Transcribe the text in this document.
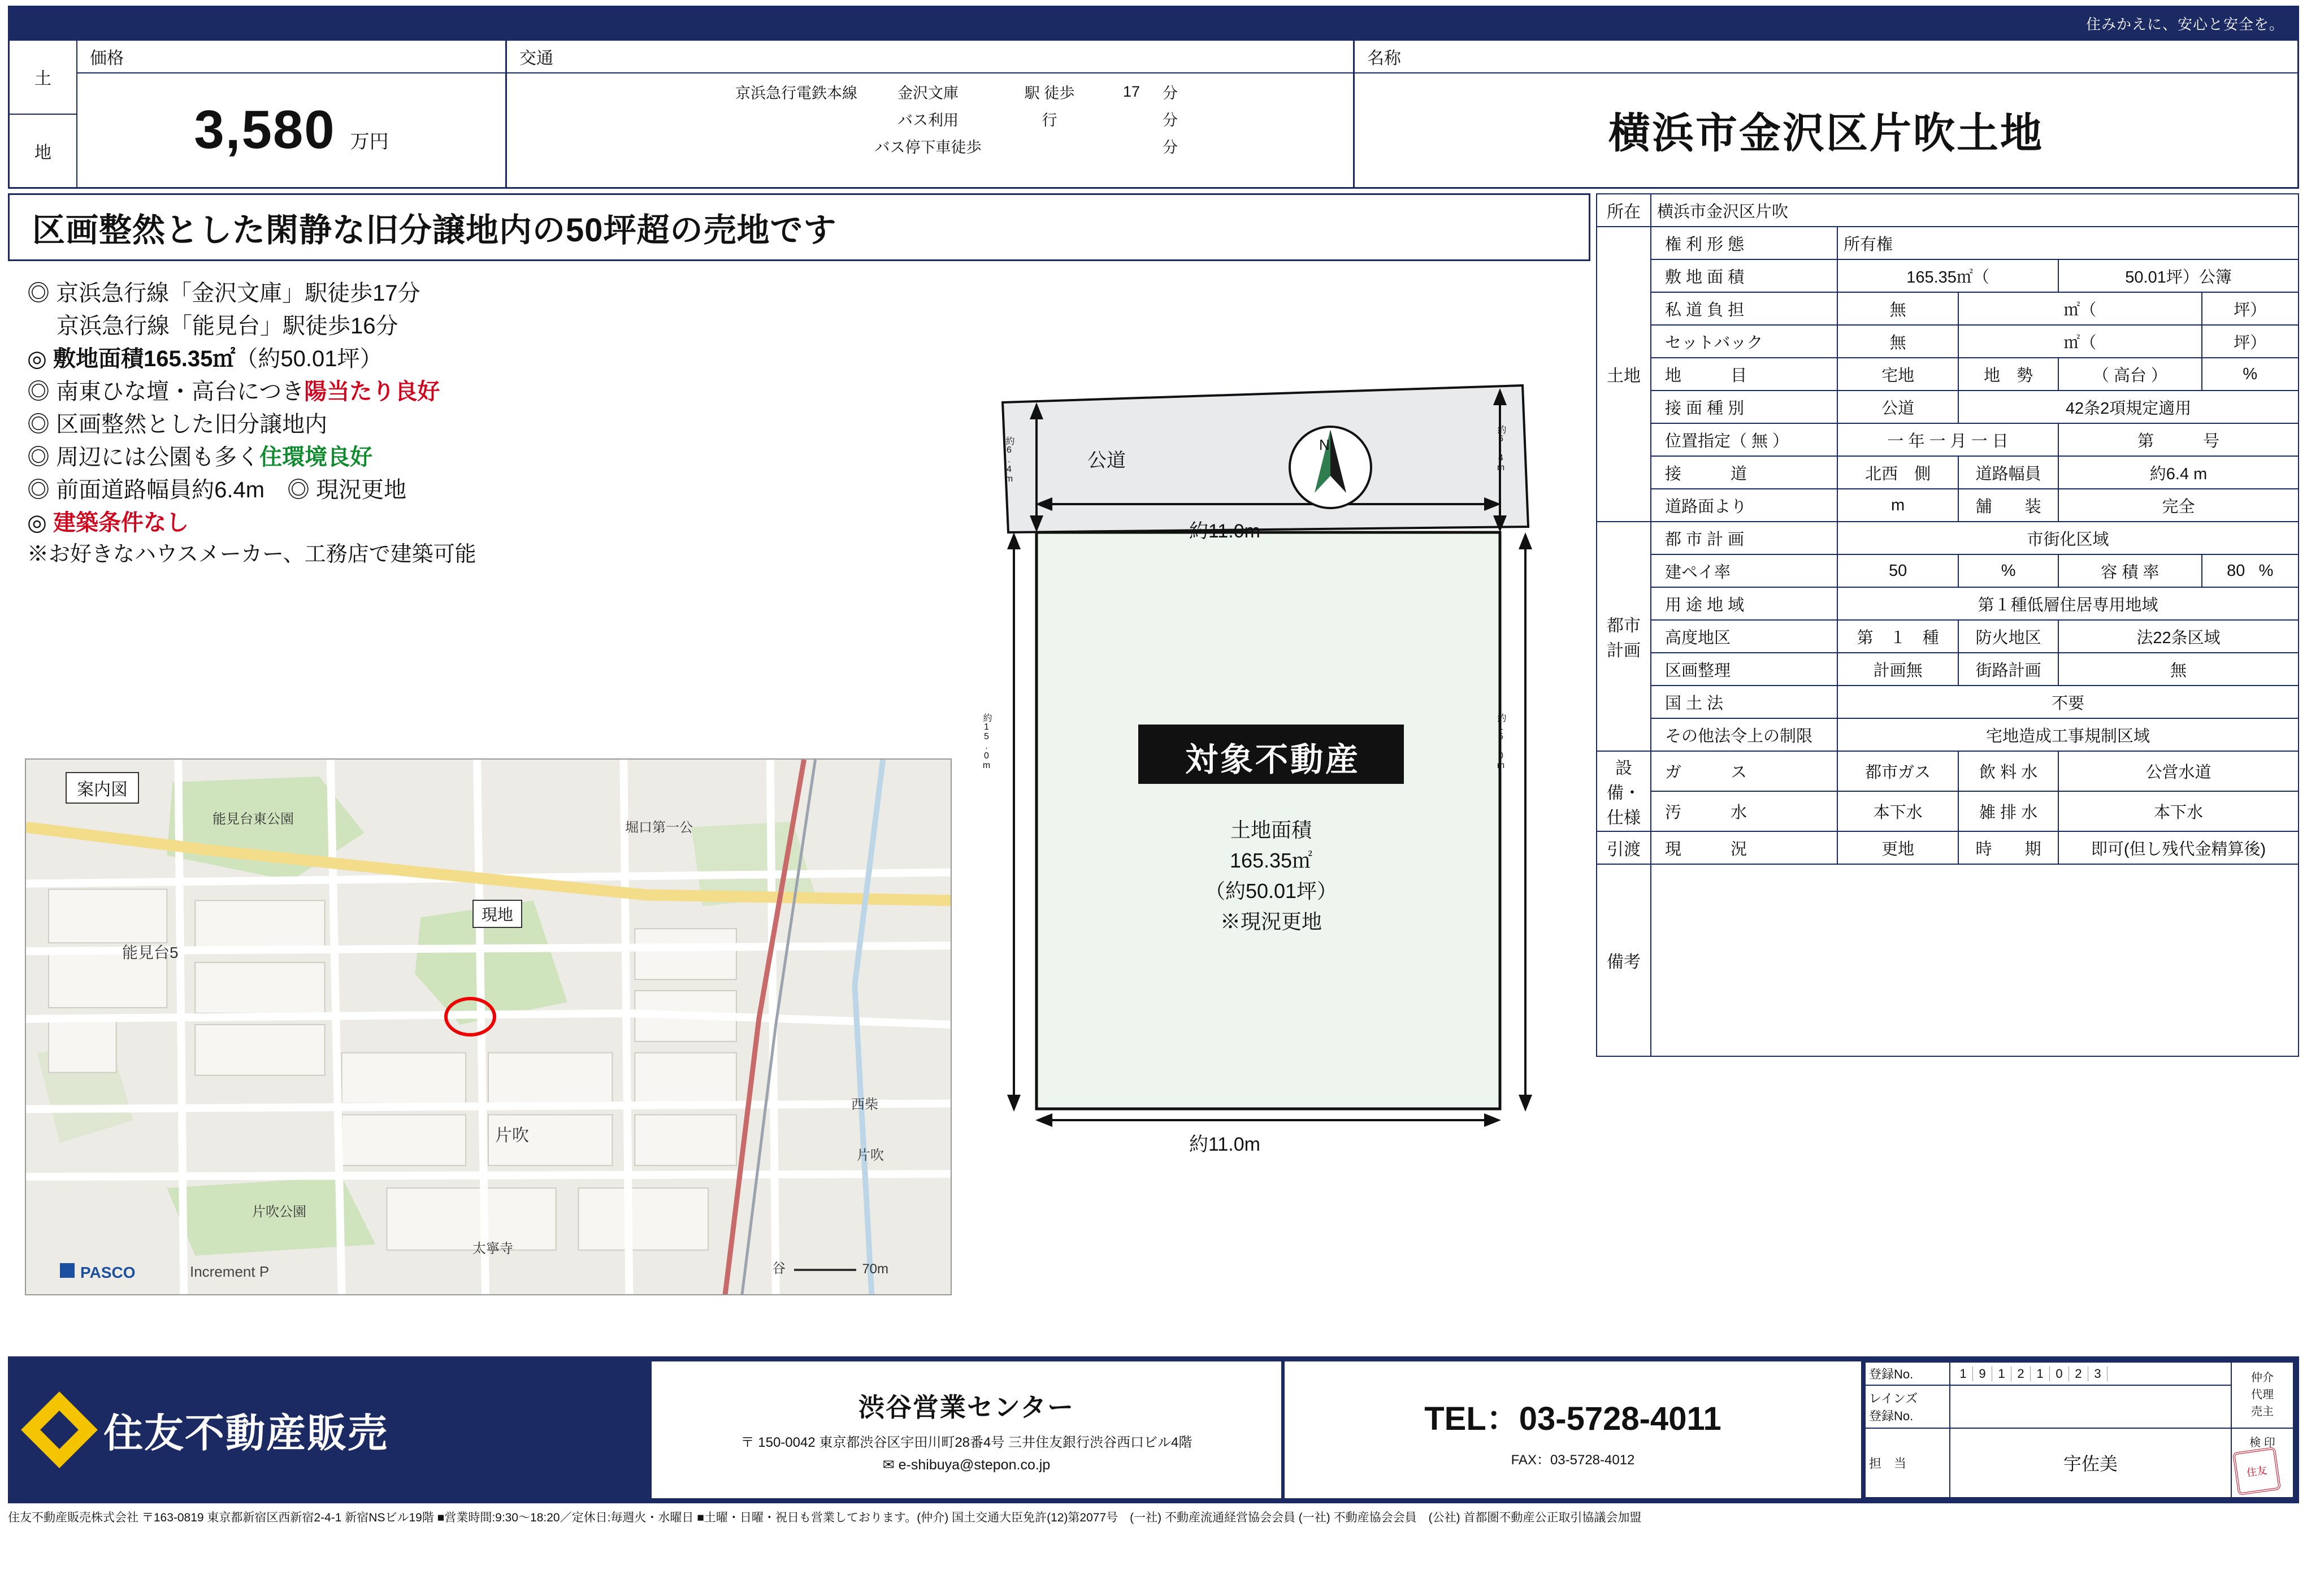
住みかえに、安心と安全を。
土
地
価格
3,580 万円
交通
京浜急行電鉄本線	金沢文庫	駅 徒歩	17	分
バス利用	行	分
バス停下車徒歩	分
名称
横浜市金沢区片吹土地
区画整然とした閑静な旧分譲地内の50坪超の売地です
◎ 京浜急行線「金沢文庫」駅徒歩17分
京浜急行線「能見台」駅徒歩16分
◎ 敷地面積165.35㎡（約50.01坪）
◎ 南東ひな壇・高台につき陽当たり良好
◎ 区画整然とした旧分譲地内
◎ 周辺には公園も多く住環境良好
◎ 前面道路幅員約6.4m　◎ 現況更地
◎ 建築条件なし
※お好きなハウスメーカー、工務店で建築可能
案内図
現地
能見台東公園
堀口第一公
能見台5
片吹
片吹公園
太寧寺
西柴
片吹
谷
PASCO	Increment P	70m
公道
N
約6.4m	約6.4m
約15.0m	約15.0m
約11.0m
約11.0m
対象不動産
土地面積
165.35㎡
（約50.01坪）
※現況更地
所在	横浜市金沢区片吹				
土地	権 利 形 態	所有権			
	敷 地 面 積	165.35㎡（		50.01坪）公簿	
	私 道 負 担	無	㎡（		坪）
	セットバック	無	㎡（		坪）
	地　　　目	宅地	地　勢	（ 高台 ）	%
	接 面 種 別	公道	42条2項規定適用		
	位置指定（ 無 ）	一 年 一 月 一 日		第　　　号	
	接　　　道	北西　側	道路幅員	約6.4 m	
	道路面より	m	舗　　装	完全	
都市
計画	都 市 計 画	市街化区域			
	建ペイ率	50	%	容 積 率	80 %
	用 途 地 域	第１種低層住居専用地域			
	高度地区	第　１　種	防火地区	法22条区域	
	区画整理	計画無	街路計画	無	
	国 土 法	不要			
	その他法令上の制限	宅地造成工事規制区域			
設備・
仕様	ガ　　　ス	都市ガス	飲 料 水	公営水道	
	汚　　　水	本下水	雑 排 水	本下水	
引渡	現　　　況	更地	時　　期	即可(但し残代金精算後)	
備考					
住友不動産販売
渋谷営業センター
〒 150-0042 東京都渋谷区宇田川町28番4号 三井住友銀行渋谷西口ビル4階
✉ e-shibuya@stepon.co.jp
TEL：03-5728-4011
FAX：03-5728-4012
登録No.	1 9 1 2 1 0 2 3	仲介
代理
売主

レインズ
登録No.		
担　当	宇佐美	検 印
住友
住友不動産販売株式会社 〒163-0819 東京都新宿区西新宿2-4-1 新宿NSビル19階 ■営業時間:9:30～18:20／定休日:毎週火・水曜日 ■土曜・日曜・祝日も営業しております。(仲介) 国土交通大臣免許(12)第2077号　(一社) 不動産流通経営協会会員 (一社) 不動産協会会員　(公社) 首都圏不動産公正取引協議会加盟
